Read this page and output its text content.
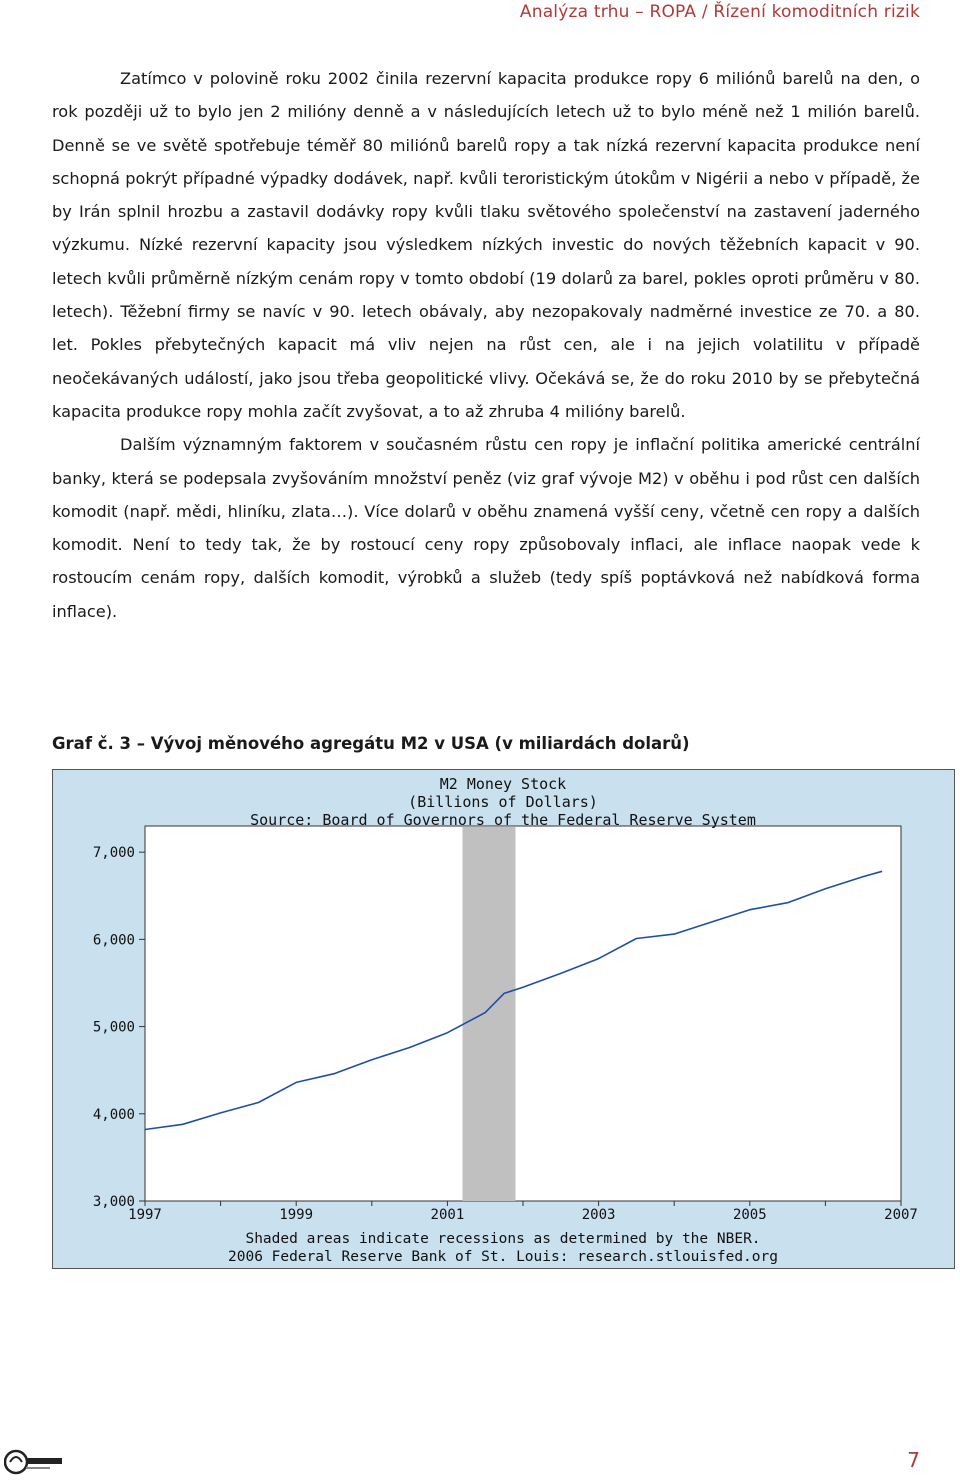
Analýza trhu – ROPA / Řízení komoditních rizik

Zatímco v polovině roku 2002 činila rezervní kapacita produkce ropy 6 miliónů barelů na den, o rok později už to bylo jen 2 milióny denně a v následujících letech už to bylo méně než 1 milión barelů. Denně se ve světě spotřebuje téměř 80 miliónů barelů ropy a tak nízká rezervní kapacita produkce není schopná pokrýt případné výpadky dodávek, např. kvůli teroristickým útokům v Nigérii a nebo v případě, že by Irán splnil hrozbu a zastavil dodávky ropy kvůli tlaku světového společenství na zastavení jaderného výzkumu. Nízké rezervní kapacity jsou výsledkem nízkých investic do nových těžebních kapacit v 90. letech kvůli průměrně nízkým cenám ropy v tomto období (19 dolarů za barel, pokles oproti průměru v 80. letech). Těžební firmy se navíc v 90. letech obávaly, aby nezopakovaly nadměrné investice ze 70. a 80. let. Pokles přebytečných kapacit má vliv nejen na růst cen, ale i na jejich volatilitu v případě neočekávaných událostí, jako jsou třeba geopolitické vlivy. Očekává se, že do roku 2010 by se přebytečná kapacita produkce ropy mohla začít zvyšovat, a to až zhruba 4 milióny barelů.

Dalším významným faktorem v současném růstu cen ropy je inflační politika americké centrální banky, která se podepsala zvyšováním množství peněz (viz graf vývoje M2) v oběhu i pod růst cen dalších komodit (např. mědi, hliníku, zlata…). Více dolarů v oběhu znamená vyšší ceny, včetně cen ropy a dalších komodit. Není to tedy tak, že by rostoucí ceny ropy způsobovaly inflaci, ale inflace naopak vede k rostoucím cenám ropy, dalších komodit, výrobků a služeb (tedy spíš poptávková než nabídková forma inflace).

Graf č. 3 – Vývoj měnového agregátu M2 v USA (v miliardách dolarů)
M2 Money Stock
(Billions of Dollars)
Source: Board of Governors of the Federal Reserve System
3,000
4,000
5,000
6,000
7,000
1997	1999	2001	2003	2005	2007
Shaded areas indicate recessions as determined by the NBER.
2006 Federal Reserve Bank of St. Louis: research.stlouisfed.org
7
